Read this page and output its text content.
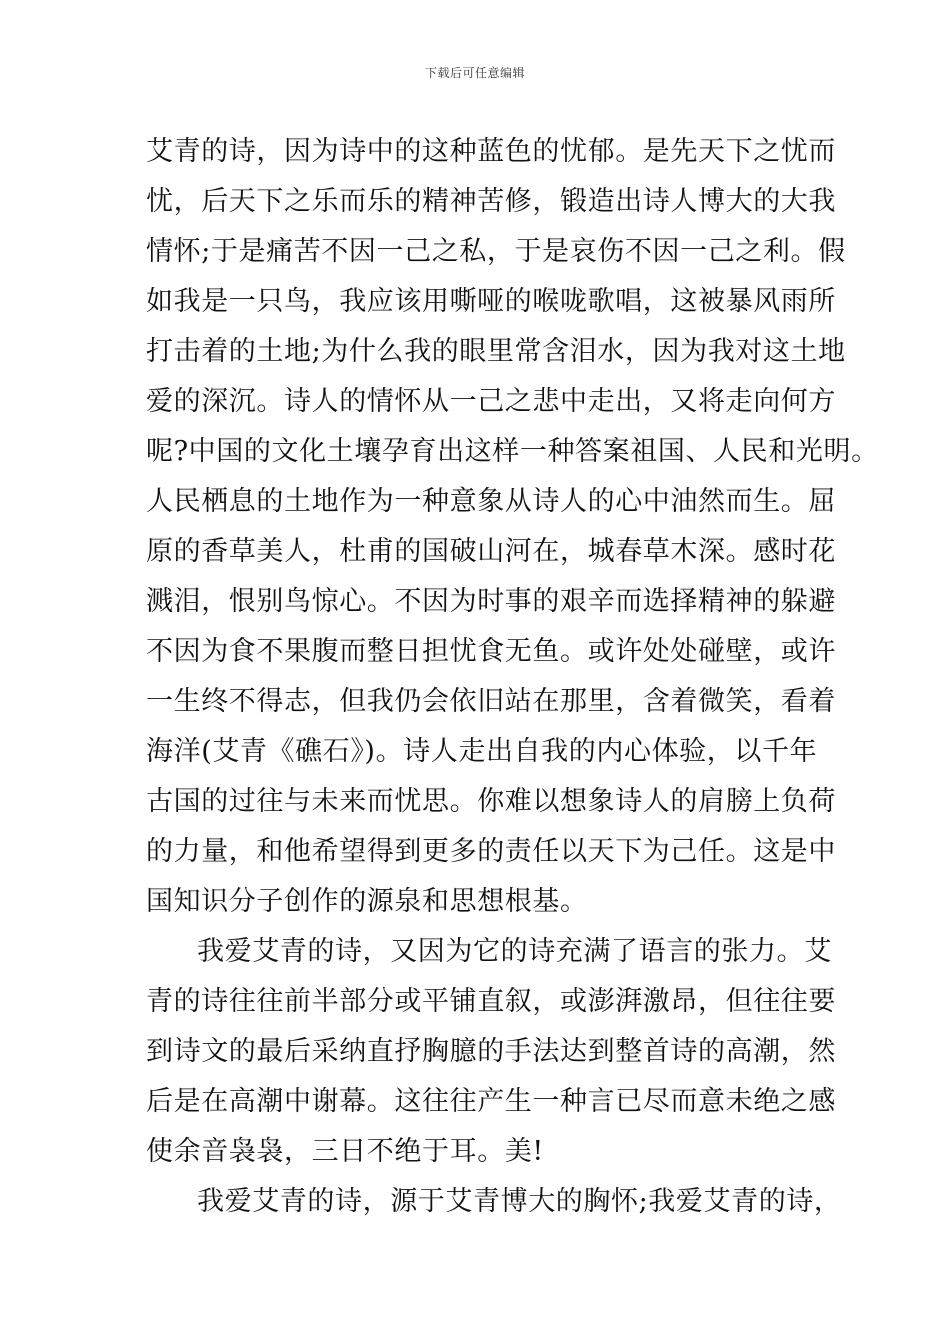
下载后可任意编辑
艾青的诗，因为诗中的这种蓝色的忧郁。是先天下之忧而
忧，后天下之乐而乐的精神苦修，锻造出诗人博大的大我
情怀;于是痛苦不因一己之私，于是哀伤不因一己之利。假
如我是一只鸟，我应该用嘶哑的喉咙歌唱，这被暴风雨所
打击着的土地;为什么我的眼里常含泪水，因为我对这土地
爱的深沉。诗人的情怀从一己之悲中走出，又将走向何方
呢?中国的文化土壤孕育出这样一种答案祖国、人民和光明。
人民栖息的土地作为一种意象从诗人的心中油然而生。屈
原的香草美人，杜甫的国破山河在，城春草木深。感时花
溅泪，恨别鸟惊心。不因为时事的艰辛而选择精神的躲避
不因为食不果腹而整日担忧食无鱼。或许处处碰壁，或许
一生终不得志，但我仍会依旧站在那里，含着微笑，看着
海洋(艾青《礁石》)。诗人走出自我的内心体验，以千年
古国的过往与未来而忧思。你难以想象诗人的肩膀上负荷
的力量，和他希望得到更多的责任以天下为己任。这是中
国知识分子创作的源泉和思想根基。
我爱艾青的诗，又因为它的诗充满了语言的张力。艾
青的诗往往前半部分或平铺直叙，或澎湃激昂，但往往要
到诗文的最后采纳直抒胸臆的手法达到整首诗的高潮，然
后是在高潮中谢幕。这往往产生一种言已尽而意未绝之感
使余音袅袅，三日不绝于耳。美!
我爱艾青的诗，源于艾青博大的胸怀;我爱艾青的诗，
